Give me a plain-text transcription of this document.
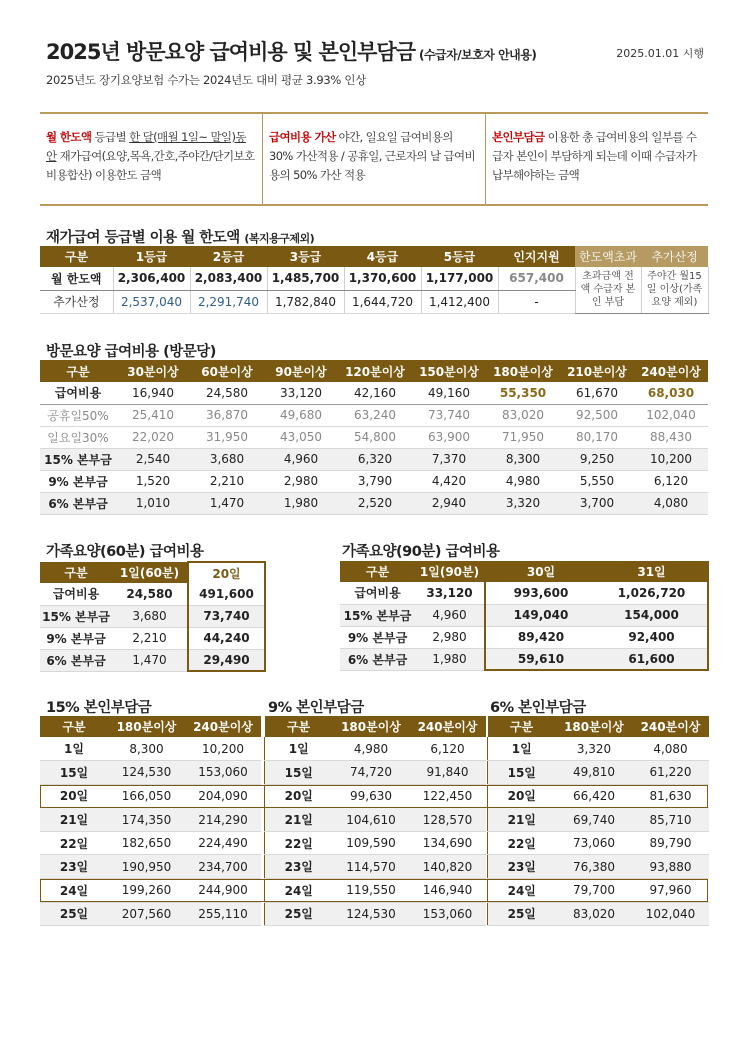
2025년 방문요양 급여비용 및 본인부담금 (수급자/보호자 안내용)	2025.01.01 시행
2025년도 장기요양보험 수가는 2024년도 대비 평균 3.93% 인상
월 한도액 등급별 한 달(매월 1일~ 말일)동안 재가급여(요양,목욕,간호,주야간/단기보호 비용합산) 이용한도 금액
급여비용 가산 야간, 일요일 급여비용의 30% 가산적용 / 공휴일, 근로자의 날 급여비용의 50% 가산 적용
본인부담금 이용한 총 급여비용의 일부를 수급자 본인이 부담하게 되는데 이때 수급자가 납부해야하는 금액
재가급여 등급별 이용 월 한도액 (복지용구제외)
구분	1등급	2등급	3등급	4등급	5등급	인지지원	한도액초과	추가산정
월 한도액	2,306,400	2,083,400	1,485,700	1,370,600	1,177,000	657,400	초과금액 전액 수급자 본인 부담	주야간 월15일 이상(가족요양 제외)
추가산정	2,537,040	2,291,740	1,782,840	1,644,720	1,412,400	-		
방문요양 급여비용 (방문당)
구분	30분이상	60분이상	90분이상	120분이상	150분이상	180분이상	210분이상	240분이상
급여비용	16,940	24,580	33,120	42,160	49,160	55,350	61,670	68,030
공휴일50%	25,410	36,870	49,680	63,240	73,740	83,020	92,500	102,040
일요일30%	22,020	31,950	43,050	54,800	63,900	71,950	80,170	88,430
15% 본부금	2,540	3,680	4,960	6,320	7,370	8,300	9,250	10,200
9% 본부금	1,520	2,210	2,980	3,790	4,420	4,980	5,550	6,120
6% 본부금	1,010	1,470	1,980	2,520	2,940	3,320	3,700	4,080
가족요양(60분) 급여비용
구분	1일(60분)	20일
급여비용	24,580	491,600
15% 본부금	3,680	73,740
9% 본부금	2,210	44,240
6% 본부금	1,470	29,490
가족요양(90분) 급여비용
구분	1일(90분)	30일	31일
급여비용	33,120	993,600	1,026,720
15% 본부금	4,960	149,040	154,000
9% 본부금	2,980	89,420	92,400
6% 본부금	1,980	59,610	61,600
15% 본인부담금	9% 본인부담금	6% 본인부담금
구분	180분이상	240분이상
1일	8,300	10,200
15일	124,530	153,060
20일	166,050	204,090
21일	174,350	214,290
22일	182,650	224,490
23일	190,950	234,700
24일	199,260	244,900
25일	207,560	255,110
구분	180분이상	240분이상
1일	4,980	6,120
15일	74,720	91,840
20일	99,630	122,450
21일	104,610	128,570
22일	109,590	134,690
23일	114,570	140,820
24일	119,550	146,940
25일	124,530	153,060
구분	180분이상	240분이상
1일	3,320	4,080
15일	49,810	61,220
20일	66,420	81,630
21일	69,740	85,710
22일	73,060	89,790
23일	76,380	93,880
24일	79,700	97,960
25일	83,020	102,040
